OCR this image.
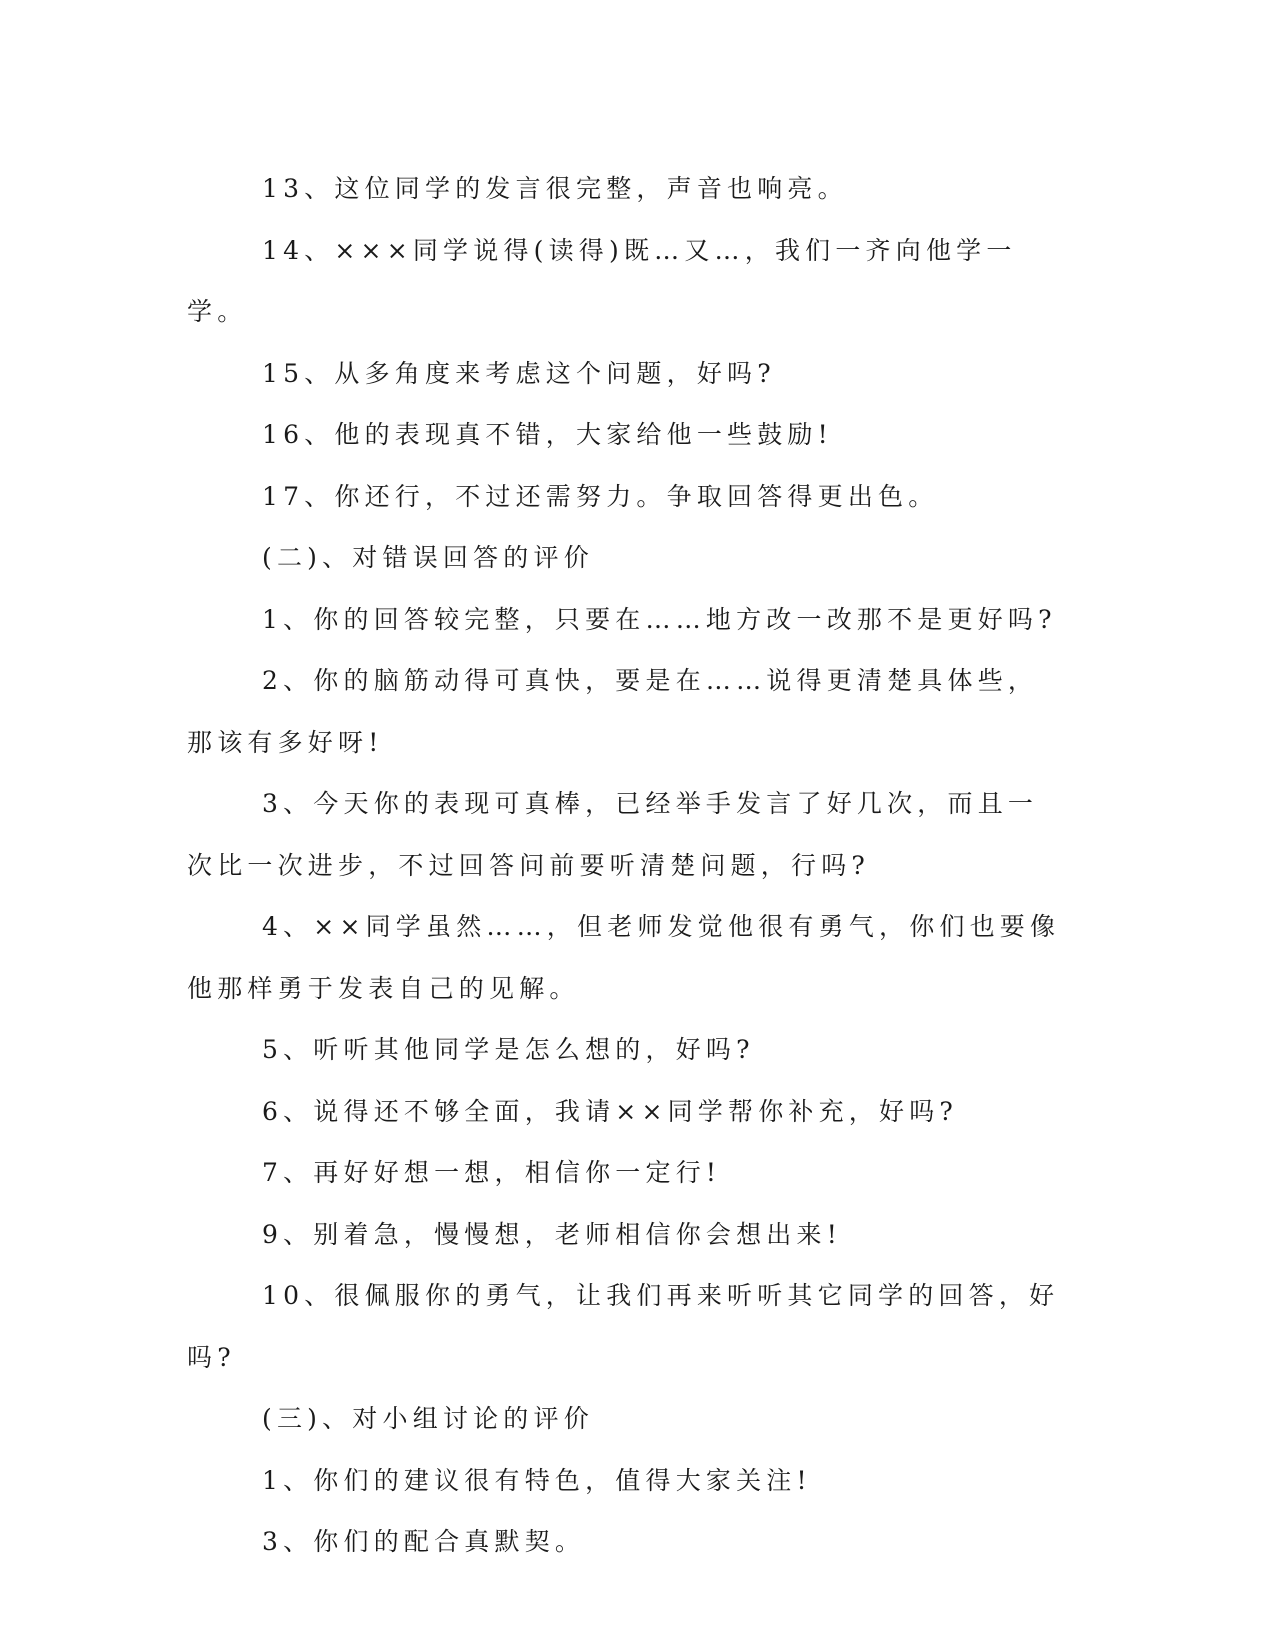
13、这位同学的发言很完整，声音也响亮。

14、×××同学说得(读得)既…又…，我们一齐向他学一学。

15、从多角度来考虑这个问题，好吗?

16、他的表现真不错，大家给他一些鼓励!

17、你还行，不过还需努力。争取回答得更出色。

(二)、对错误回答的评价

1、你的回答较完整，只要在……地方改一改那不是更好吗?

2、你的脑筋动得可真快，要是在……说得更清楚具体些，那该有多好呀!

3、今天你的表现可真棒，已经举手发言了好几次，而且一次比一次进步，不过回答问前要听清楚问题，行吗?

4、××同学虽然……，但老师发觉他很有勇气，你们也要像他那样勇于发表自己的见解。

5、听听其他同学是怎么想的，好吗?

6、说得还不够全面，我请××同学帮你补充，好吗?

7、再好好想一想，相信你一定行!

9、别着急，慢慢想，老师相信你会想出来!

10、很佩服你的勇气，让我们再来听听其它同学的回答，好吗?

(三)、对小组讨论的评价

1、你们的建议很有特色，值得大家关注!

3、你们的配合真默契。
